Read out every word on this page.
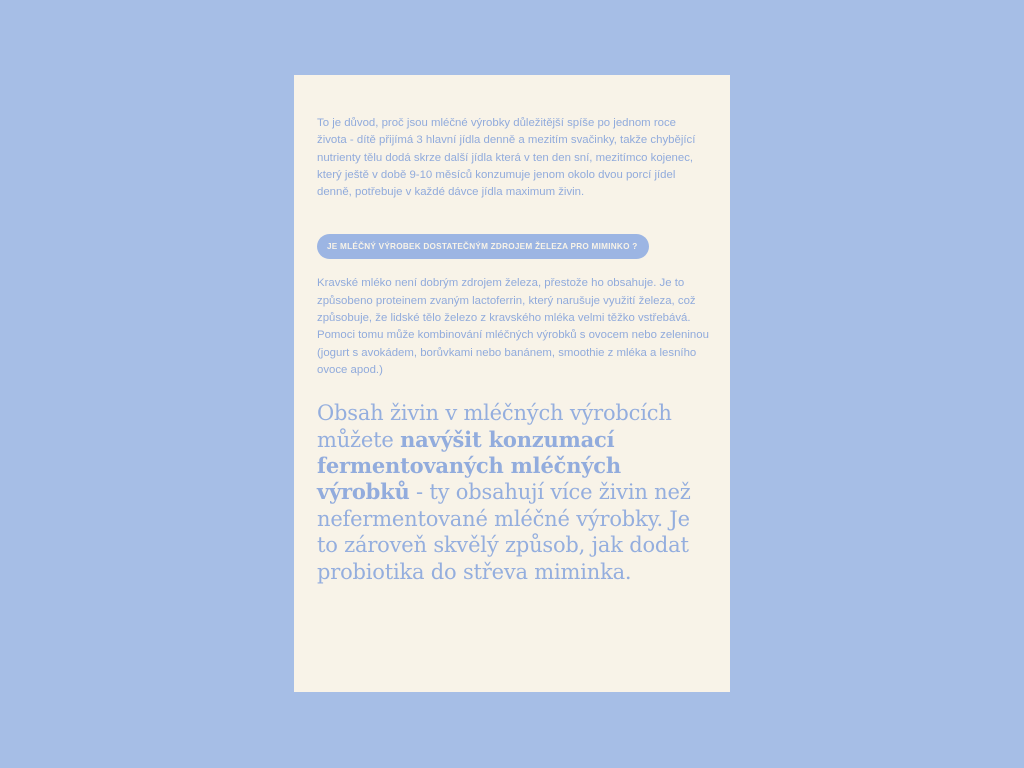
To je důvod, proč jsou mléčné výrobky důležitější spíše po jednom roce života - dítě přijímá 3 hlavní jídla denně a mezitím svačinky, takže chybějící nutrienty tělu dodá skrze další jídla která v ten den sní, mezitímco kojenec, který ještě v době 9-10 měsíců konzumuje jenom okolo dvou porcí jídel denně, potřebuje v každé dávce jídla maximum živin.

JE MLÉČNÝ VÝROBEK DOSTATEČNÝM ZDROJEM ŽELEZA PRO MIMINKO ?

Kravské mléko není dobrým zdrojem železa, přestože ho obsahuje. Je to způsobeno proteinem zvaným lactoferrin, který narušuje využití železa, což způsobuje, že lidské tělo železo z kravského mléka velmi těžko vstřebává. Pomoci tomu může kombinování mléčných výrobků s ovocem nebo zeleninou (jogurt s avokádem, borůvkami nebo banánem, smoothie z mléka a lesního ovoce apod.)

Obsah živin v mléčných výrobcích můžete navýšit konzumací fermentovaných mléčných výrobků - ty obsahují více živin než nefermentované mléčné výrobky. Je to zároveň skvělý způsob, jak dodat probiotika do střeva miminka.
